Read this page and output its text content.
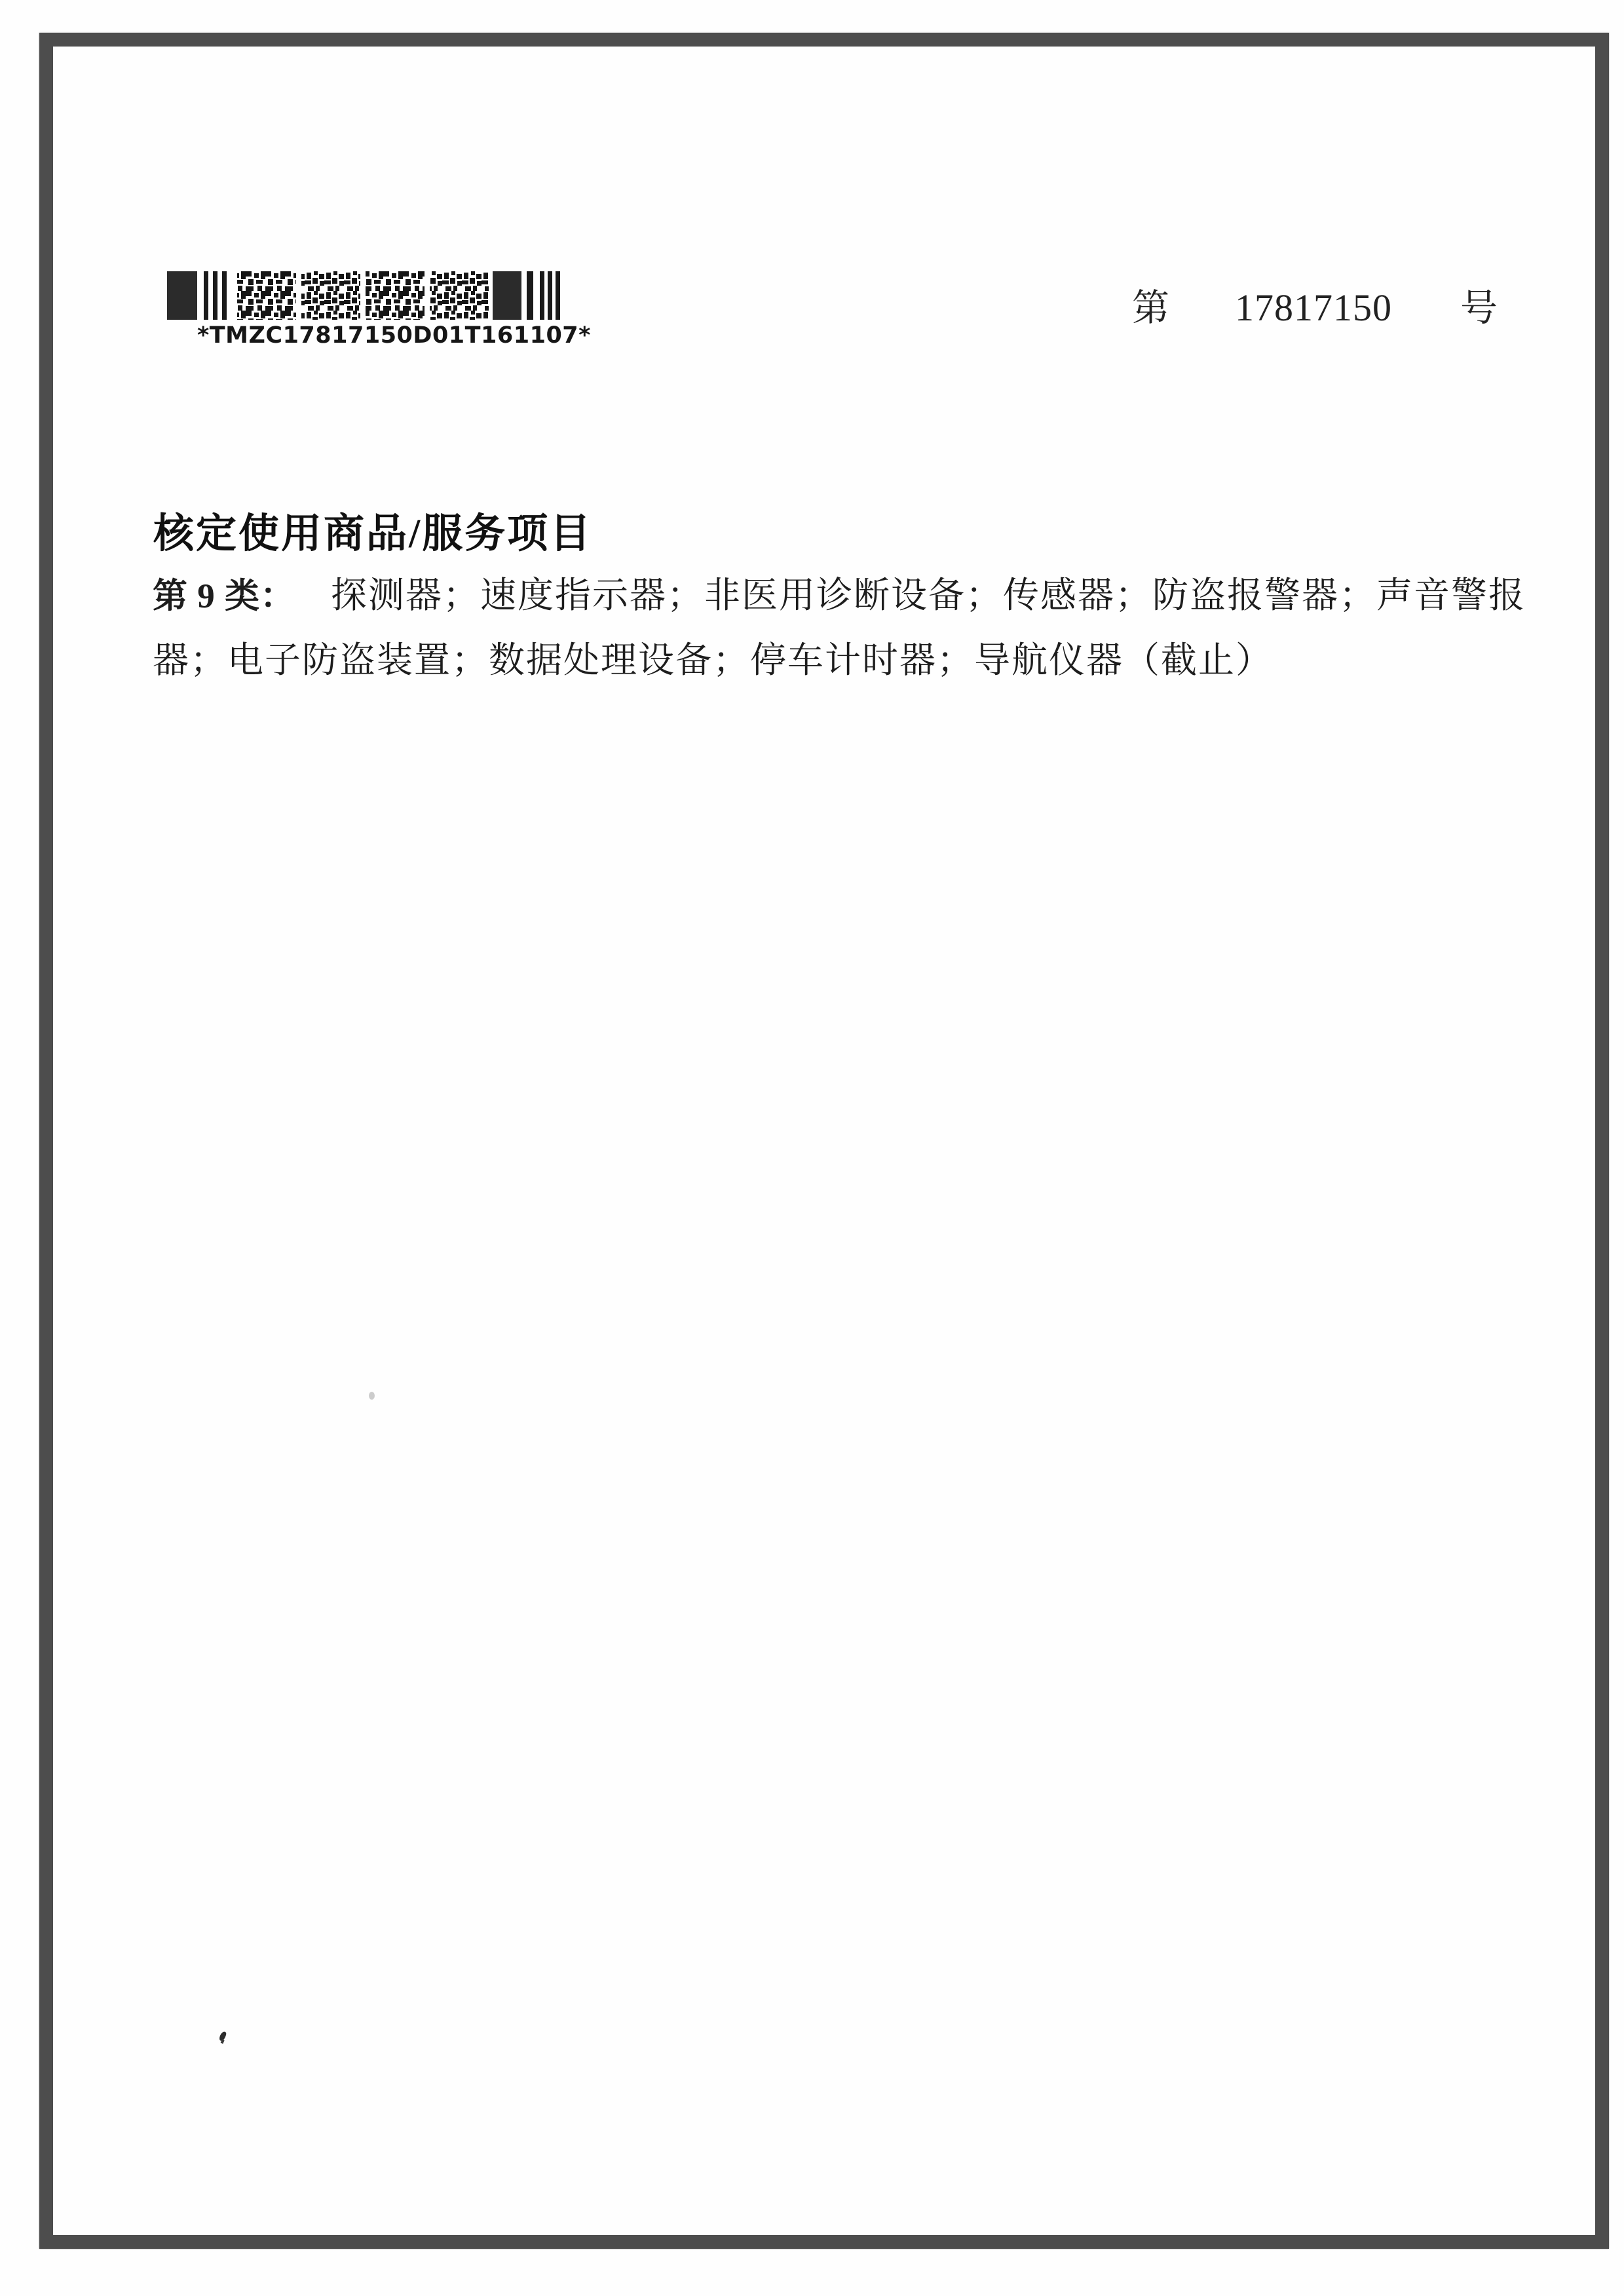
*TMZC17817150D01T161107*
第 17817150 号
核定使用商品/服务项目
第 9 类： 探测器；速度指示器；非医用诊断设备；传感器；防盗报警器；声音警报
器；电子防盗装置；数据处理设备；停车计时器；导航仪器（截止）
